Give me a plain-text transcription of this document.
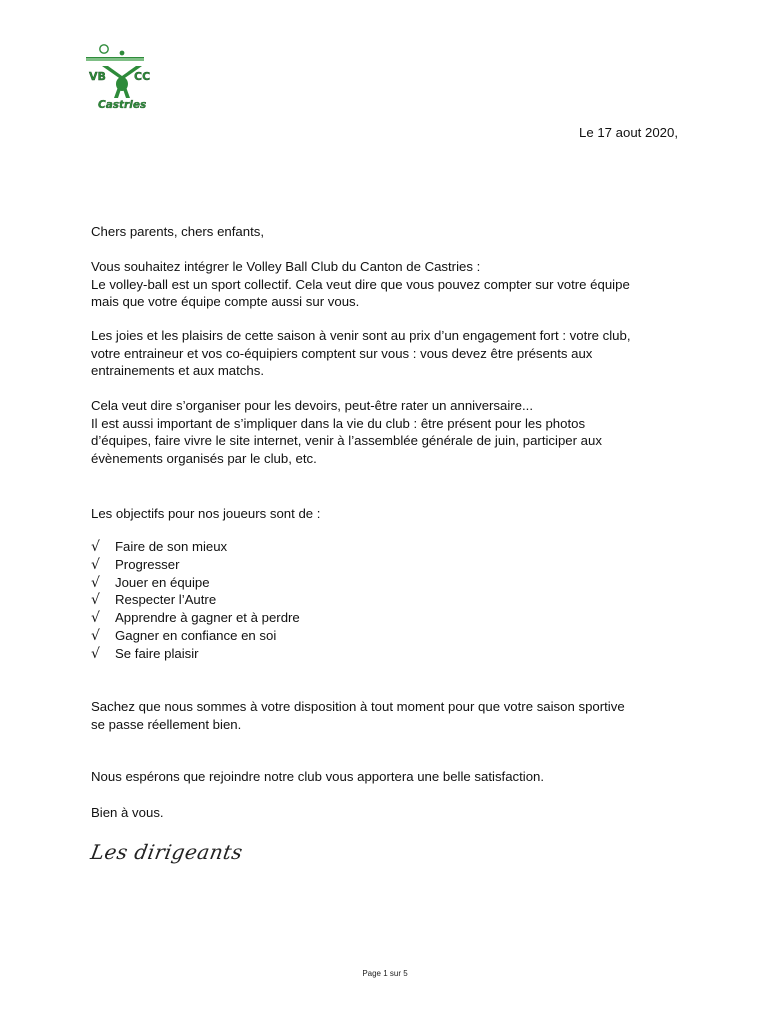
VB	CC
Castries
Le 17 aout 2020,
Chers parents, chers enfants,
Vous souhaitez intégrer le Volley Ball Club du Canton de Castries :
Le volley-ball est un sport collectif. Cela veut dire que vous pouvez compter sur votre équipe
mais que votre équipe compte aussi sur vous.
Les joies et les plaisirs de cette saison à venir sont au prix d’un engagement fort : votre club,
votre entraineur et vos co-équipiers comptent sur vous : vous devez être présents aux
entrainements et aux matchs.
Cela veut dire s’organiser pour les devoirs, peut-être rater un anniversaire...
Il est aussi important de s’impliquer dans la vie du club : être présent pour les photos
d’équipes, faire vivre le site internet, venir à l’assemblée générale de juin, participer aux
évènements organisés par le club, etc.
Les objectifs pour nos joueurs sont de :
√ Faire de son mieux
√ Progresser
√ Jouer en équipe
√ Respecter l’Autre
√ Apprendre à gagner et à perdre
√ Gagner en confiance en soi
√ Se faire plaisir
Sachez que nous sommes à votre disposition à tout moment pour que votre saison sportive
se passe réellement bien.
Nous espérons que rejoindre notre club vous apportera une belle satisfaction.
Bien à vous.
Les dirigeants
Page 1 sur 5
